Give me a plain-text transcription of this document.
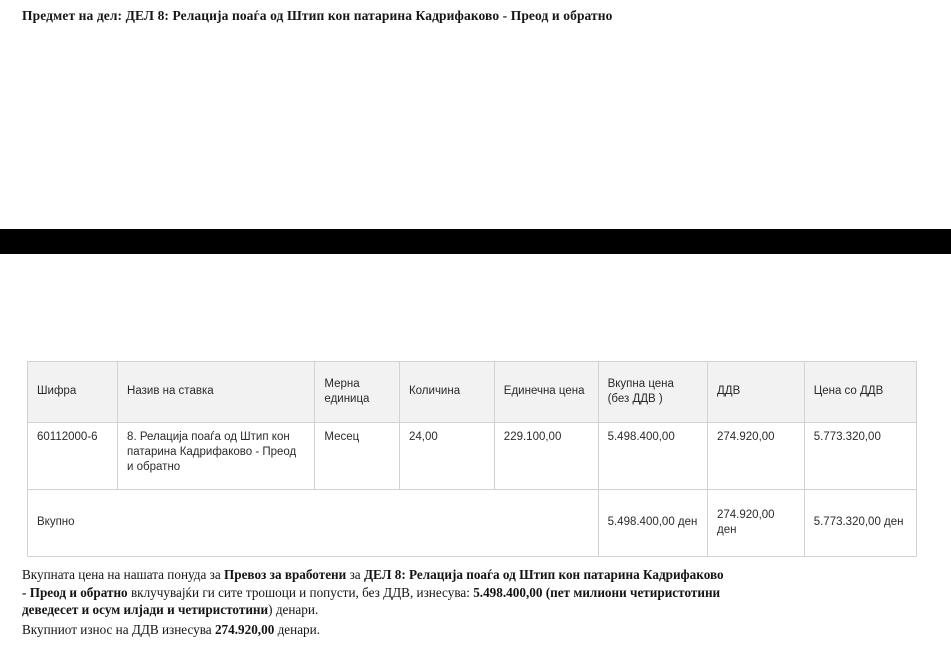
Предмет на дел: ДЕЛ 8: Релација поаѓа од Штип кон патарина Кадрифаково - Преод и обратно
Шифра	Назив на ставка	Мерна единица	Количина	Единечна цена	Вкупна цена (без ДДВ )	ДДВ	Цена со ДДВ
60112000-6	8. Релација поаѓа од Штип кон патарина Кадрифаково - Преод и обратно	Месец	24,00	229.100,00	5.498.400,00	274.920,00	5.773.320,00
Вкупно					5.498.400,00 ден	274.920,00 ден	5.773.320,00 ден

Вкупната цена на нашата понуда за Превоз за вработени за ДЕЛ 8: Релација поаѓа од Штип кон патарина Кадрифаково

- Преод и обратно вклучувајќи ги сите трошоци и попусти, без ДДВ, изнесува: 5.498.400,00 (пет милиони четиристотини

деведесет и осум илјади и четиристотини) денари.

Вкупниот износ на ДДВ изнесува 274.920,00 денари.
